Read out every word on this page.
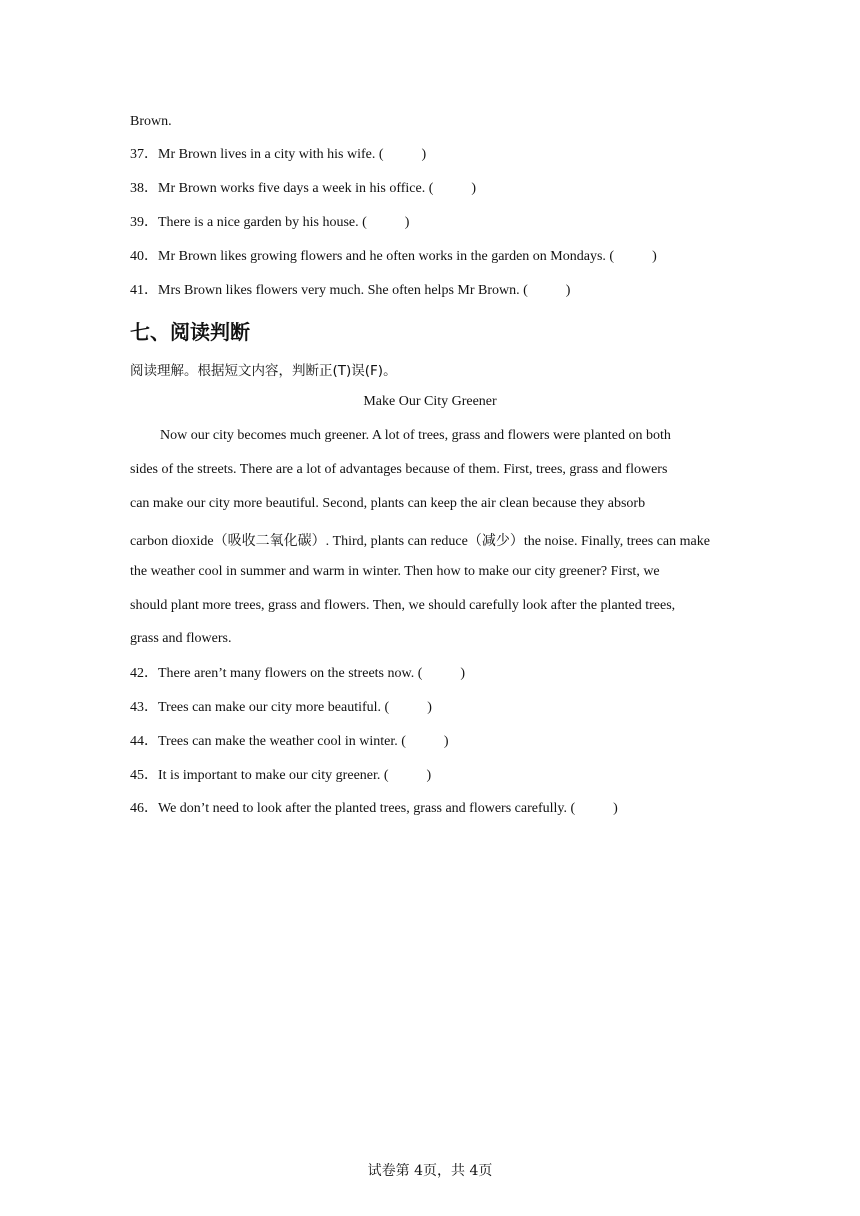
Brown.
37．Mr Brown lives in a city with his wife. (	)
38．Mr Brown works five days a week in his office. (	)
39．There is a nice garden by his house. (	)
40．Mr Brown likes growing flowers and he often works in the garden on Mondays. (	)
41．Mrs Brown likes flowers very much. She often helps Mr Brown. (	)
七、阅读判断
阅读理解。根据短文内容，判断正(T)误(F)。
Make Our City Greener
Now our city becomes much greener. A lot of trees, grass and flowers were planted on both
sides of the streets. There are a lot of advantages because of them. First, trees, grass and flowers
can make our city more beautiful. Second, plants can keep the air clean because they absorb
carbon dioxide（吸收二氧化碳）. Third, plants can reduce（减少）the noise. Finally, trees can make
the weather cool in summer and warm in winter. Then how to make our city greener? First, we
should plant more trees, grass and flowers. Then, we should carefully look after the planted trees,
grass and flowers.
42．There aren’t many flowers on the streets now. (	)
43．Trees can make our city more beautiful. (	)
44．Trees can make the weather cool in winter. (	)
45．It is important to make our city greener. (	)
46．We don’t need to look after the planted trees, grass and flowers carefully. (	)
试卷第 4页，共 4页
